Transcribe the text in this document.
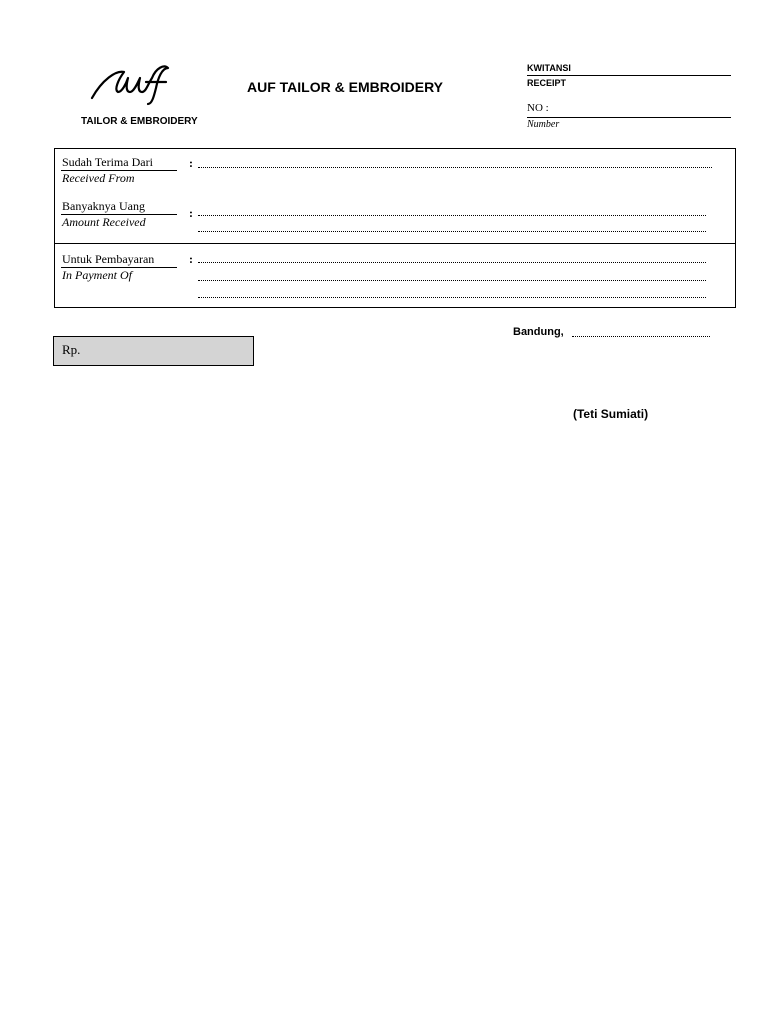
TAILOR & EMBROIDERY
AUF TAILOR & EMBROIDERY
KWITANSI
RECEIPT
NO :
Number
Sudah Terima Dari
Received From
:
Banyaknya Uang
Amount Received
:
Untuk Pembayaran
In Payment Of
:
Rp.
Bandung,
(Teti Sumiati)
